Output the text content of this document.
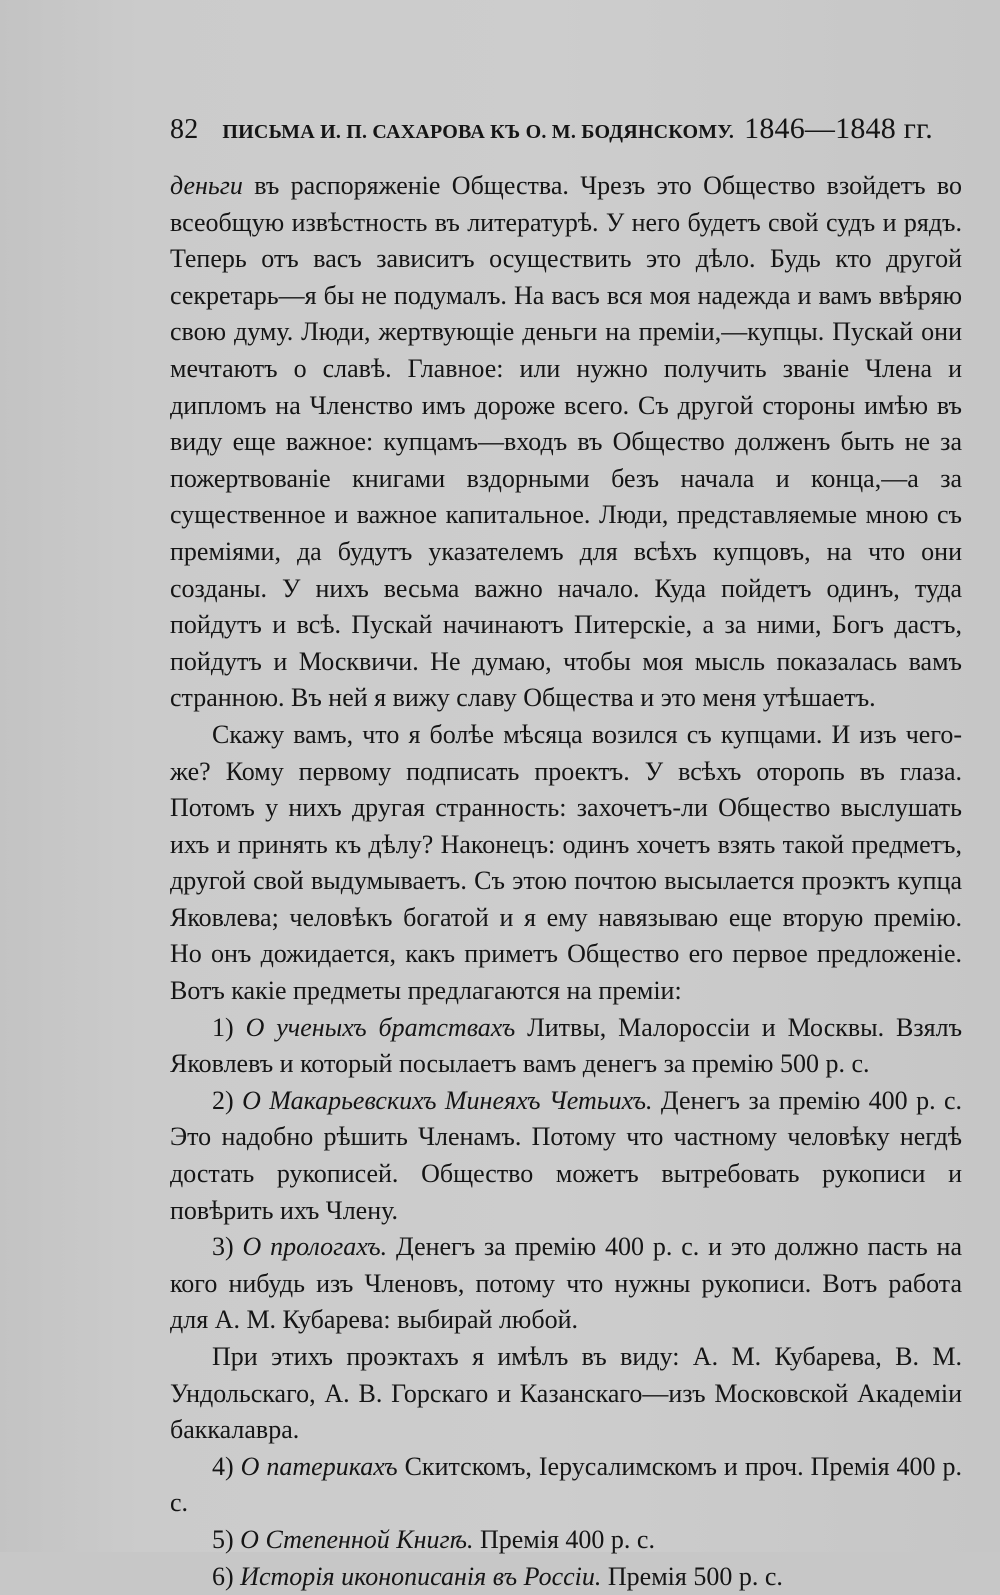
82 ПИСЬМА И. П. САХАРОВА КЪ О. М. БОДЯНСКОМУ. 1846—1848 гг.

деньги въ распоряженіе Общества. Чрезъ это Общество взойдетъ во всеобщую извѣстность въ литературѣ. У него будетъ свой судъ и рядъ. Теперь отъ васъ зависитъ осуществить это дѣло. Будь кто другой секретарь—я бы не подумалъ. На васъ вся моя надежда и вамъ ввѣряю свою думу. Люди, жертвующіе деньги на преміи,—купцы. Пускай они мечтаютъ о славѣ. Главное: или нужно получить званіе Члена и дипломъ на Членство имъ дороже всего. Съ другой стороны имѣю въ виду еще важное: купцамъ—входъ въ Общество долженъ быть не за пожертвованіе книгами вздорными безъ начала и конца,—а за существенное и важное капитальное. Люди, представляемые мною съ преміями, да будутъ указателемъ для всѣхъ купцовъ, на что они созданы. У нихъ весьма важно начало. Куда пойдетъ одинъ, туда пойдутъ и всѣ. Пускай начинаютъ Питерскіе, а за ними, Богъ дастъ, пойдутъ и Москвичи. Не думаю, чтобы моя мысль показалась вамъ странною. Въ ней я вижу славу Общества и это меня утѣшаетъ.

Скажу вамъ, что я болѣе мѣсяца возился съ купцами. И изъ чего-же? Кому первому подписать проектъ. У всѣхъ оторопь въ глаза. Потомъ у нихъ другая странность: захочетъ-ли Общество выслушать ихъ и принять къ дѣлу? Наконецъ: одинъ хочетъ взять такой предметъ, другой свой выдумываетъ. Съ этою почтою высылается проэктъ купца Яковлева; человѣкъ богатой и я ему навязываю еще вторую премію. Но онъ дожидается, какъ приметъ Общество его первое предложеніе. Вотъ какіе предметы предлагаются на преміи:

1) О ученыхъ братствахъ Литвы, Малороссіи и Москвы. Взялъ Яковлевъ и который посылаетъ вамъ денегъ за премію 500 р. с.

2) О Макарьевскихъ Минеяхъ Четьихъ. Денегъ за премію 400 р. с. Это надобно рѣшить Членамъ. Потому что частному человѣку негдѣ достать рукописей. Общество можетъ вытребовать рукописи и повѣрить ихъ Члену.

3) О прологахъ. Денегъ за премію 400 р. с. и это должно пасть на кого нибудь изъ Членовъ, потому что нужны рукописи. Вотъ работа для А. М. Кубарева: выбирай любой.

При этихъ проэктахъ я имѣлъ въ виду: А. М. Кубарева, В. М. Ундольскаго, А. В. Горскаго и Казанскаго—изъ Московской Академіи баккалавра.

4) О патерикахъ Скитскомъ, Іерусалимскомъ и проч. Премія 400 р. с.

5) О Степенной Книгѣ. Премія 400 р. с.

6) Исторія иконописанія въ Россіи. Премія 500 р. с.
